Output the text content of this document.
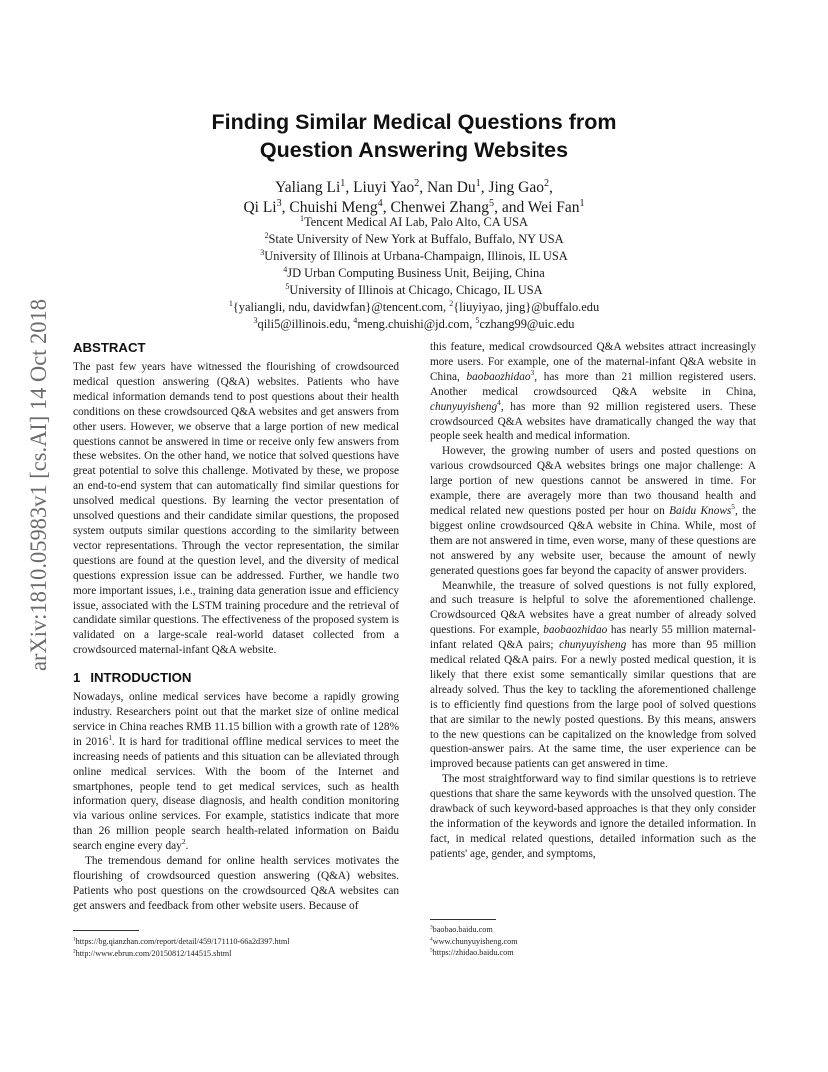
arXiv:1810.05983v1 [cs.AI] 14 Oct 2018
Finding Similar Medical Questions from
Question Answering Websites
Yaliang Li$^1$, Liuyi Yao$^2$, Nan Du$^1$, Jing Gao$^2$,
Qi Li$^3$, Chuishi Meng$^4$, Chenwei Zhang$^5$, and Wei Fan$^1$
$^1$Tencent Medical AI Lab, Palo Alto, CA USA
$^2$State University of New York at Buffalo, Buffalo, NY USA
$^3$University of Illinois at Urbana-Champaign, Illinois, IL USA
$^4$JD Urban Computing Business Unit, Beijing, China
$^5$University of Illinois at Chicago, Chicago, IL USA
$^1${yaliangli, ndu, davidwfan}@tencent.com, $^2${liuyiyao, jing}@buffalo.edu
$^3$qili5@illinois.edu, $^4$meng.chuishi@jd.com, $^5$czhang99@uic.edu
ABSTRACT

The past few years have witnessed the flourishing of crowdsourced medical question answering (Q&A) websites. Patients who have medical information demands tend to post questions about their health conditions on these crowdsourced Q&A websites and get answers from other users. However, we observe that a large portion of new medical questions cannot be answered in time or receive only few answers from these websites. On the other hand, we notice that solved questions have great potential to solve this challenge. Motivated by these, we propose an end-to-end system that can automatically find similar questions for unsolved medical questions. By learning the vector presentation of unsolved questions and their candidate similar questions, the proposed system outputs similar questions according to the similarity between vector representations. Through the vector representation, the similar questions are found at the question level, and the diversity of medical questions expression issue can be addressed. Further, we handle two more important issues, i.e., training data generation issue and efficiency issue, associated with the LSTM training procedure and the retrieval of candidate similar questions. The effectiveness of the proposed system is validated on a large-scale real-world dataset collected from a crowdsourced maternal-infant Q&A website.

1 INTRODUCTION

Nowadays, online medical services have become a rapidly growing industry. Researchers point out that the market size of online medical service in China reaches RMB 11.15 billion with a growth rate of 128% in 2016$^1$. It is hard for traditional offline medical services to meet the increasing needs of patients and this situation can be alleviated through online medical services. With the boom of the Internet and smartphones, people tend to get medical services, such as health information query, disease diagnosis, and health condition monitoring via various online services. For example, statistics indicate that more than 26 million people search health-related information on Baidu search engine every day$^2$.

The tremendous demand for online health services motivates the flourishing of crowdsourced question answering (Q&A) websites. Patients who post questions on the crowdsourced Q&A websites can get answers and feedback from other website users. Because of

this feature, medical crowdsourced Q&A websites attract increasingly more users. For example, one of the maternal-infant Q&A website in China, baobaozhidao$^3$, has more than 21 million registered users. Another medical crowdsourced Q&A website in China, chunyuyisheng$^4$, has more than 92 million registered users. These crowdsourced Q&A websites have dramatically changed the way that people seek health and medical information.

However, the growing number of users and posted questions on various crowdsourced Q&A websites brings one major challenge: A large portion of new questions cannot be answered in time. For example, there are averagely more than two thousand health and medical related new questions posted per hour on Baidu Knows$^5$, the biggest online crowdsourced Q&A website in China. While, most of them are not answered in time, even worse, many of these questions are not answered by any website user, because the amount of newly generated questions goes far beyond the capacity of answer providers.

Meanwhile, the treasure of solved questions is not fully explored, and such treasure is helpful to solve the aforementioned challenge. Crowdsourced Q&A websites have a great number of already solved questions. For example, baobaozhidao has nearly 55 million maternal-infant related Q&A pairs; chunyuyisheng has more than 95 million medical related Q&A pairs. For a newly posted medical question, it is likely that there exist some semantically similar questions that are already solved. Thus the key to tackling the aforementioned challenge is to efficiently find questions from the large pool of solved questions that are similar to the newly posted questions. By this means, answers to the new questions can be capitalized on the knowledge from solved question-answer pairs. At the same time, the user experience can be improved because patients can get answered in time.

The most straightforward way to find similar questions is to retrieve questions that share the same keywords with the unsolved question. The drawback of such keyword-based approaches is that they only consider the information of the keywords and ignore the detailed information. In fact, in medical related questions, detailed information such as the patients' age, gender, and symptoms,

$^1$https://bg.qianzhan.com/report/detail/459/171110-66a2d397.html
$^2$http://www.ebrun.com/20150812/144515.shtml
$^3$baobao.baidu.com
$^4$www.chunyuyisheng.com
$^5$https://zhidao.baidu.com
